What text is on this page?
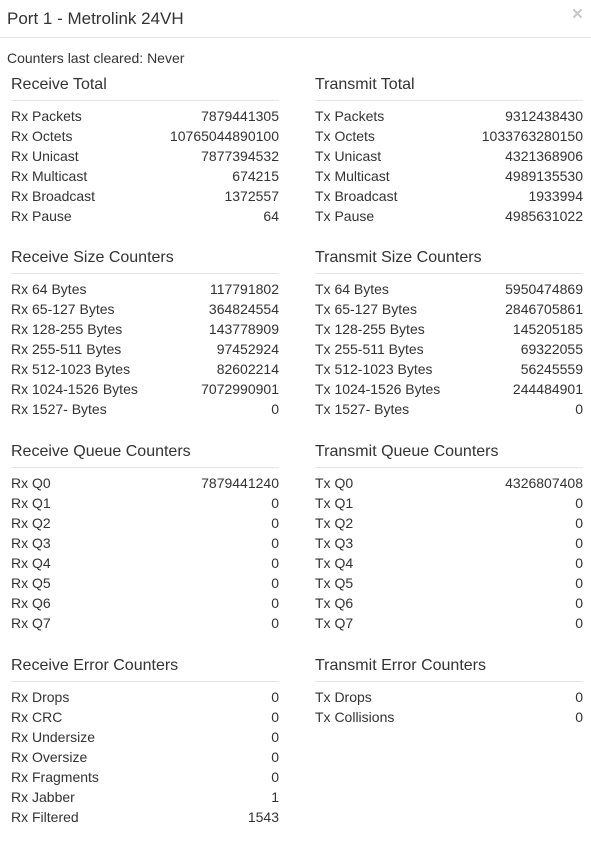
Port 1 - Metrolink 24VH	×
Counters last cleared: Never
Receive Total
Rx Packets	7879441305
Rx Octets	10765044890100
Rx Unicast	7877394532
Rx Multicast	674215
Rx Broadcast	1372557
Rx Pause	64
Receive Size Counters
Rx 64 Bytes	117791802
Rx 65-127 Bytes	364824554
Rx 128-255 Bytes	143778909
Rx 255-511 Bytes	97452924
Rx 512-1023 Bytes	82602214
Rx 1024-1526 Bytes	7072990901
Rx 1527- Bytes	0
Receive Queue Counters
Rx Q0	7879441240
Rx Q1	0
Rx Q2	0
Rx Q3	0
Rx Q4	0
Rx Q5	0
Rx Q6	0
Rx Q7	0
Receive Error Counters
Rx Drops	0
Rx CRC	0
Rx Undersize	0
Rx Oversize	0
Rx Fragments	0
Rx Jabber	1
Rx Filtered	1543
Transmit Total
Tx Packets	9312438430
Tx Octets	1033763280150
Tx Unicast	4321368906
Tx Multicast	4989135530
Tx Broadcast	1933994
Tx Pause	4985631022
Transmit Size Counters
Tx 64 Bytes	5950474869
Tx 65-127 Bytes	2846705861
Tx 128-255 Bytes	145205185
Tx 255-511 Bytes	69322055
Tx 512-1023 Bytes	56245559
Tx 1024-1526 Bytes	244484901
Tx 1527- Bytes	0
Transmit Queue Counters
Tx Q0	4326807408
Tx Q1	0
Tx Q2	0
Tx Q3	0
Tx Q4	0
Tx Q5	0
Tx Q6	0
Tx Q7	0
Transmit Error Counters
Tx Drops	0
Tx Collisions	0
